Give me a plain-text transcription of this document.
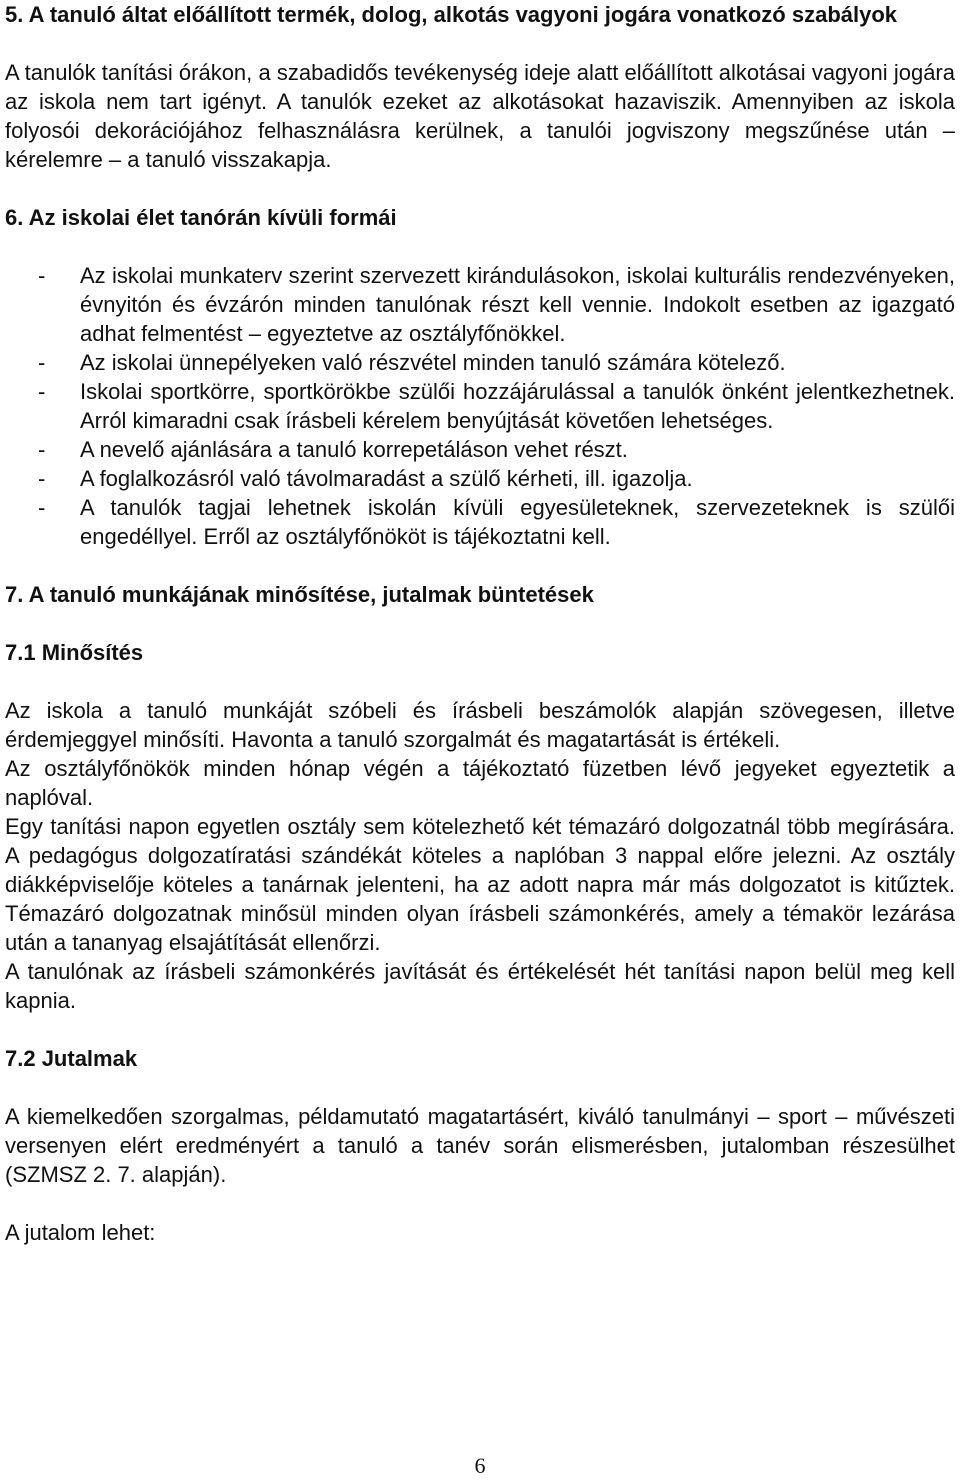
5. A tanuló áltat előállított termék, dolog, alkotás vagyoni jogára vonatkozó szabályok

A tanulók tanítási órákon, a szabadidős tevékenység ideje alatt előállított alkotásai vagyoni jogára az iskola nem tart igényt. A tanulók ezeket az alkotásokat hazaviszik. Amennyiben az iskola folyosói dekorációjához felhasználásra kerülnek, a tanulói jogviszony megszűnése után – kérelemre – a tanuló visszakapja.

6. Az iskolai élet tanórán kívüli formái
- Az iskolai munkaterv szerint szervezett kirándulásokon, iskolai kulturális rendezvényeken, évnyitón és évzárón minden tanulónak részt kell vennie. Indokolt esetben az igazgató adhat felmentést – egyeztetve az osztályfőnökkel.
- Az iskolai ünnepélyeken való részvétel minden tanuló számára kötelező.
- Iskolai sportkörre, sportkörökbe szülői hozzájárulással a tanulók önként jelentkezhetnek. Arról kimaradni csak írásbeli kérelem benyújtását követően lehetséges.
- A nevelő ajánlására a tanuló korrepetáláson vehet részt.
- A foglalkozásról való távolmaradást a szülő kérheti, ill. igazolja.
- A tanulók tagjai lehetnek iskolán kívüli egyesületeknek, szervezeteknek is szülői engedéllyel. Erről az osztályfőnököt is tájékoztatni kell.
7. A tanuló munkájának minősítése, jutalmak büntetések
7.1 Minősítés

Az iskola a tanuló munkáját szóbeli és írásbeli beszámolók alapján szövegesen, illetve érdemjeggyel minősíti. Havonta a tanuló szorgalmát és magatartását is értékeli.

Az osztályfőnökök minden hónap végén a tájékoztató füzetben lévő jegyeket egyeztetik a naplóval.

Egy tanítási napon egyetlen osztály sem kötelezhető két témazáró dolgozatnál több megírására. A pedagógus dolgozatíratási szándékát köteles a naplóban 3 nappal előre jelezni. Az osztály diákképviselője köteles a tanárnak jelenteni, ha az adott napra már más dolgozatot is kitűztek. Témazáró dolgozatnak minősül minden olyan írásbeli számonkérés, amely a témakör lezárása után a tananyag elsajátítását ellenőrzi.

A tanulónak az írásbeli számonkérés javítását és értékelését hét tanítási napon belül meg kell kapnia.

7.2 Jutalmak

A kiemelkedően szorgalmas, példamutató magatartásért, kiváló tanulmányi – sport – művészeti versenyen elért eredményért a tanuló a tanév során elismerésben, jutalomban részesülhet (SZMSZ 2. 7. alapján).

A jutalom lehet:

6
